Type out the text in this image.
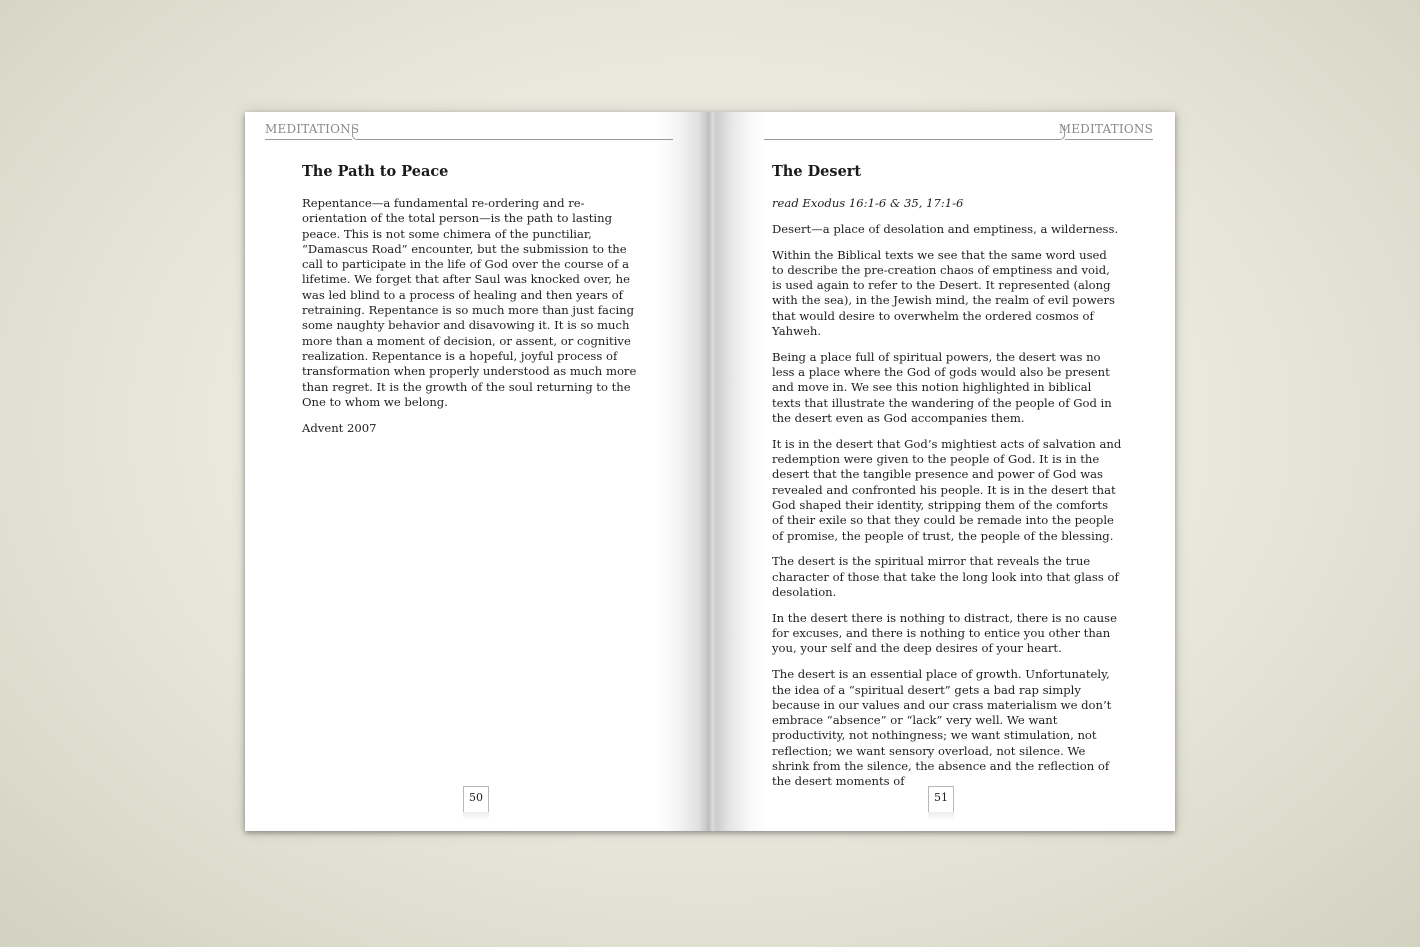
MEDITATIONS
The Path to Peace

Repentance—a fundamental re-ordering and re-orientation of the total person—is the path to lasting peace. This is not some chimera of the punctiliar, “Damascus Road” encounter, but the submission to the call to participate in the life of God over the course of a lifetime. We forget that after Saul was knocked over, he was led blind to a process of healing and then years of retraining. Repentance is so much more than just facing some naughty behavior and disavowing it. It is so much more than a moment of decision, or assent, or cognitive realization. Repentance is a hopeful, joyful process of transformation when properly understood as much more than regret. It is the growth of the soul returning to the One to whom we belong.

Advent 2007

50
MEDITATIONS
The Desert

read Exodus 16:1-6 & 35, 17:1-6

Desert—a place of desolation and emptiness, a wilderness.

Within the Biblical texts we see that the same word used to describe the pre-creation chaos of emptiness and void, is used again to refer to the Desert. It represented (along with the sea), in the Jewish mind, the realm of evil powers that would desire to overwhelm the ordered cosmos of Yahweh.

Being a place full of spiritual powers, the desert was no less a place where the God of gods would also be present and move in. We see this notion highlighted in biblical texts that illustrate the wandering of the people of God in the desert even as God accompanies them.

It is in the desert that God’s mightiest acts of salvation and redemption were given to the people of God. It is in the desert that the tangible presence and power of God was revealed and confronted his people. It is in the desert that God shaped their identity, stripping them of the comforts of their exile so that they could be remade into the people of promise, the people of trust, the people of the blessing.

The desert is the spiritual mirror that reveals the true character of those that take the long look into that glass of desolation.

In the desert there is nothing to distract, there is no cause for excuses, and there is nothing to entice you other than you, your self and the deep desires of your heart.

The desert is an essential place of growth. Unfortunately, the idea of a “spiritual desert” gets a bad rap simply because in our values and our crass materialism we don’t embrace “absence” or “lack” very well. We want productivity, not nothingness; we want stimulation, not reflection; we want sensory overload, not silence. We shrink from the silence, the absence and the reflection of the desert moments of

51
